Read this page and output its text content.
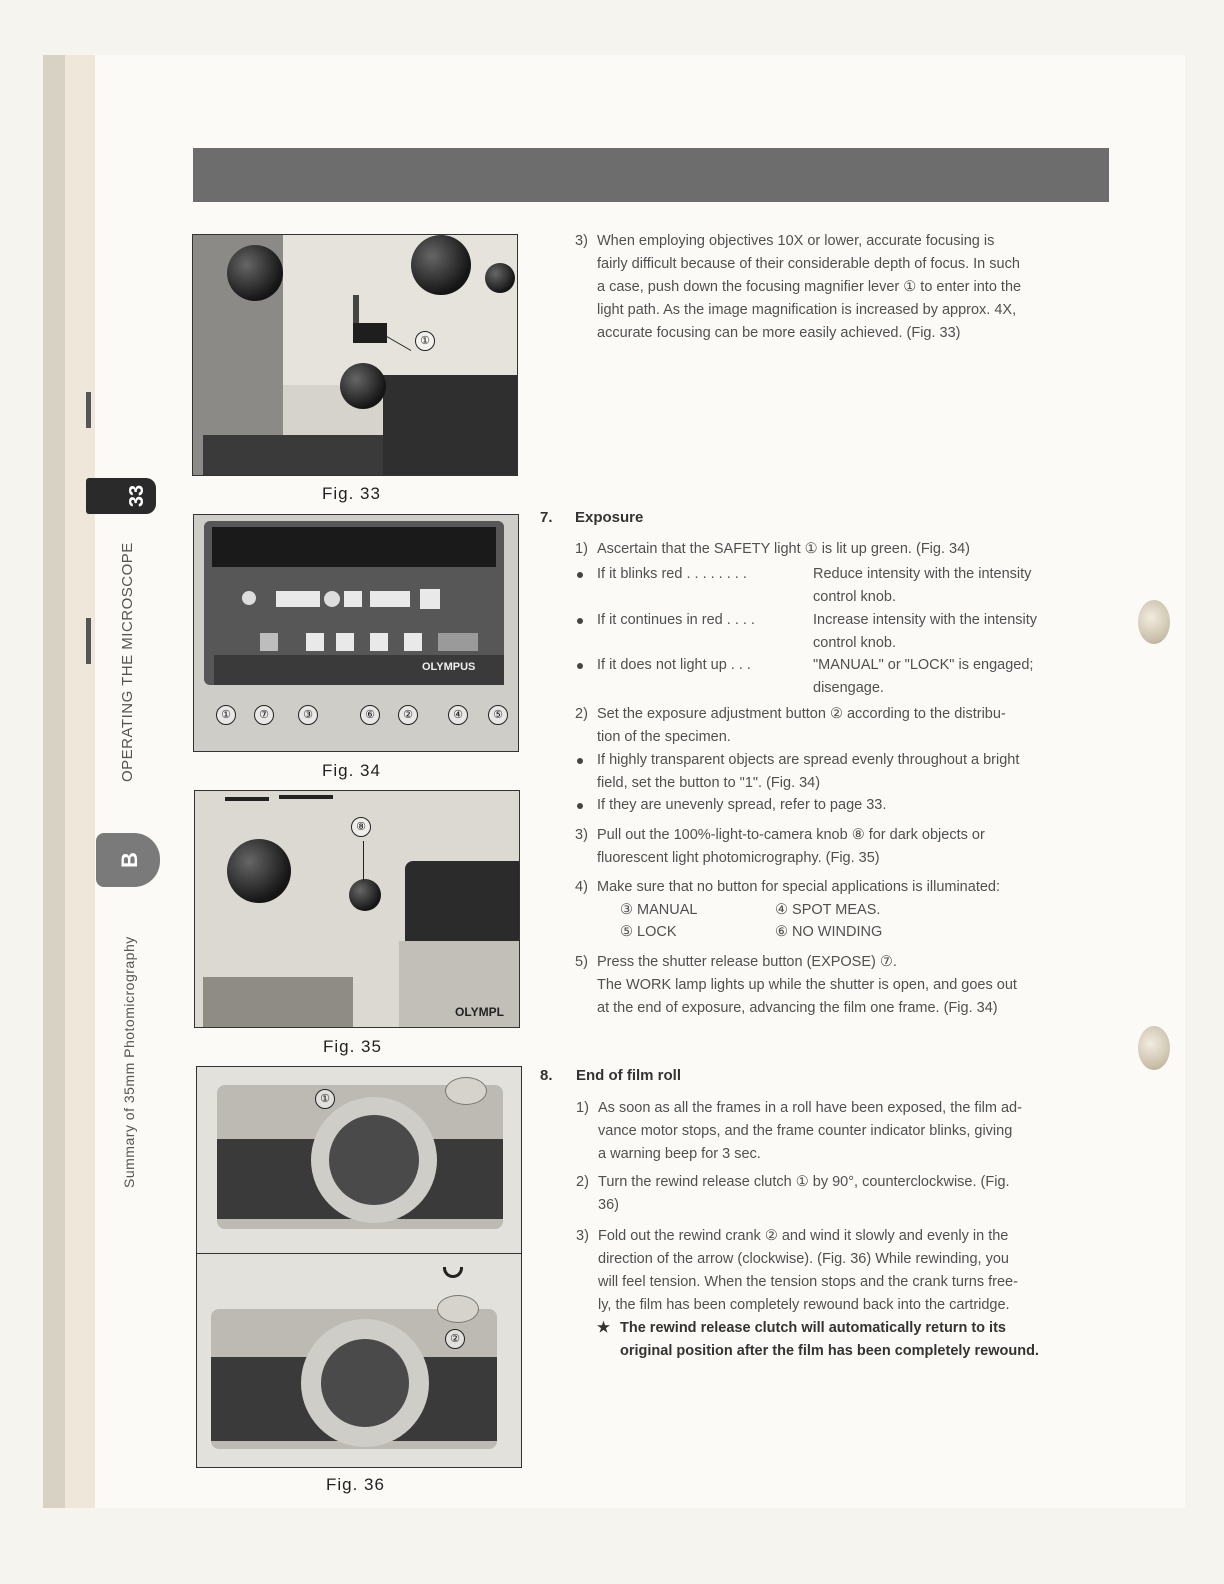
33
OPERATING THE MICROSCOPE
B
Summary of 35mm Photomicrography
①
Fig. 33
OLYMPUS
①	⑦	③	⑥	②	④	⑤
Fig. 34
⑧
OLYMPL
Fig. 35
①
②
Fig. 36
3) When employing objectives 10X or lower, accurate focusing is
fairly difficult because of their considerable depth of focus. In such
a case, push down the focusing magnifier lever ① to enter into the
light path. As the image magnification is increased by approx. 4X,
accurate focusing can be more easily achieved. (Fig. 33)
7. Exposure
1) Ascertain that the SAFETY light ① is lit up green. (Fig. 34)
If it blinks red . . . . . . . .	Reduce intensity with the intensity
control knob.
If it continues in red . . . .	Increase intensity with the intensity
control knob.
If it does not light up . . .	"MANUAL" or "LOCK" is engaged;
disengage.
2) Set the exposure adjustment button ② according to the distribu-
tion of the specimen.
If highly transparent objects are spread evenly throughout a bright
field, set the button to "1". (Fig. 34)
If they are unevenly spread, refer to page 33.
3) Pull out the 100%-light-to-camera knob ⑧ for dark objects or
fluorescent light photomicrography. (Fig. 35)
4) Make sure that no button for special applications is illuminated:
③ MANUAL	④ SPOT MEAS.
⑤ LOCK	⑥ NO WINDING
5) Press the shutter release button (EXPOSE) ⑦.
The WORK lamp lights up while the shutter is open, and goes out
at the end of exposure, advancing the film one frame. (Fig. 34)
8. End of film roll
1) As soon as all the frames in a roll have been exposed, the film ad-
vance motor stops, and the frame counter indicator blinks, giving
a warning beep for 3 sec.
2) Turn the rewind release clutch ① by 90°, counterclockwise. (Fig.
36)
3) Fold out the rewind crank ② and wind it slowly and evenly in the
direction of the arrow (clockwise). (Fig. 36) While rewinding, you
will feel tension. When the tension stops and the crank turns free-
ly, the film has been completely rewound back into the cartridge.
★ The rewind release clutch will automatically return to its
original position after the film has been completely rewound.
